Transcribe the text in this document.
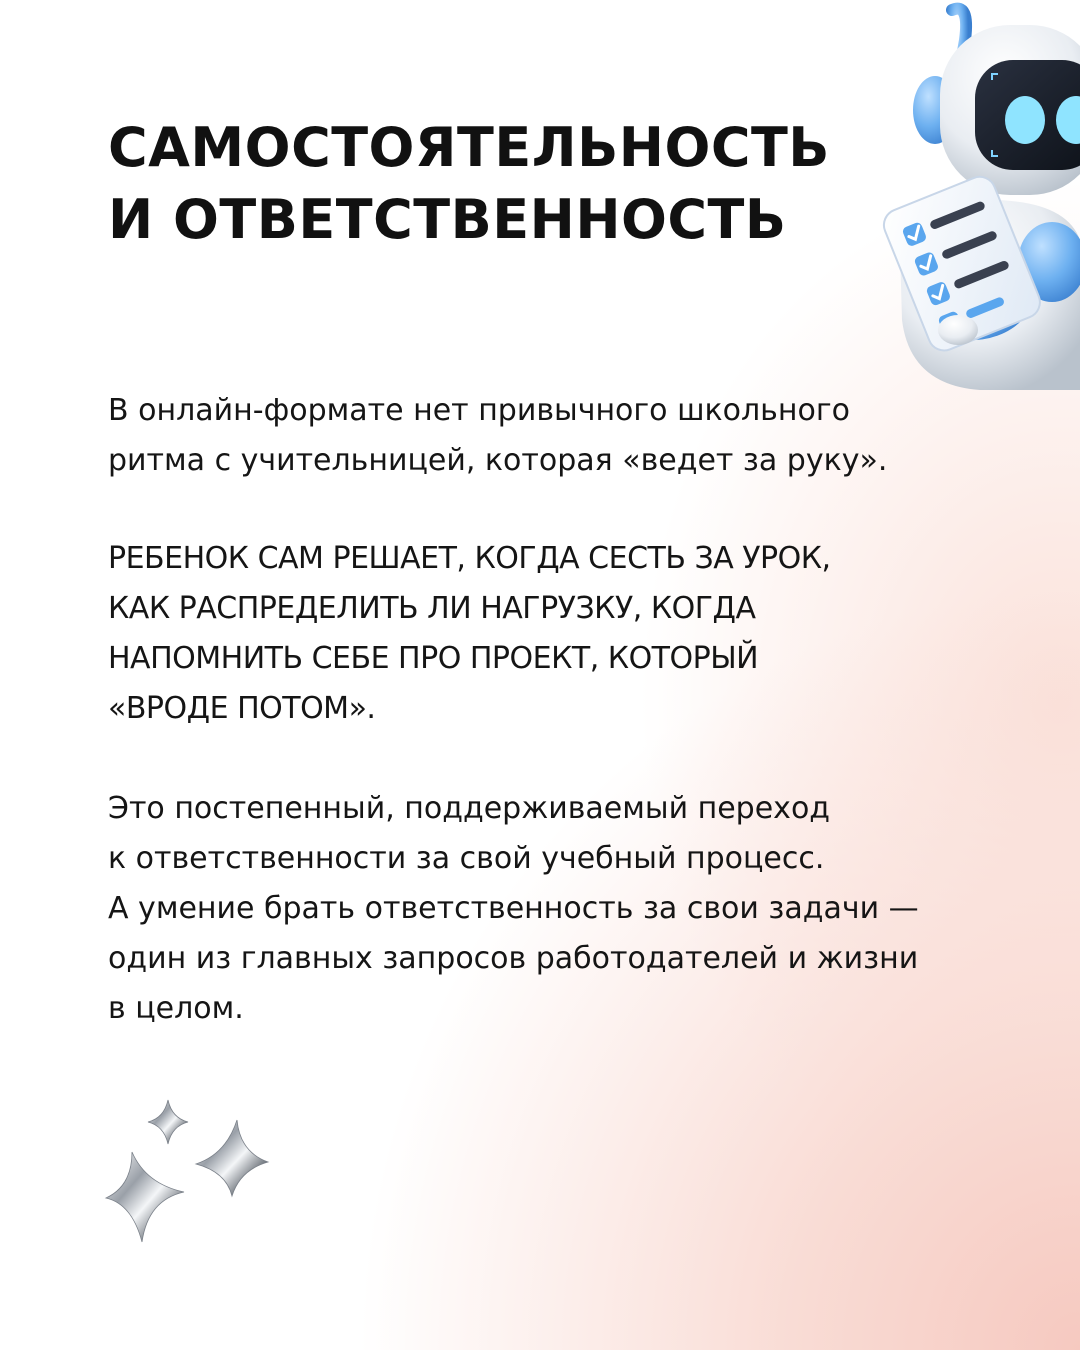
САМОСТОЯТЕЛЬНОСТЬ
И ОТВЕТСТВЕННОСТЬ

В онлайн-формате нет привычного школьного
ритма с учительницей, которая «ведет за руку».

РЕБЕНОК САМ РЕШАЕТ, КОГДА СЕСТЬ ЗА УРОК,
КАК РАСПРЕДЕЛИТЬ ЛИ НАГРУЗКУ, КОГДА
НАПОМНИТЬ СЕБЕ ПРО ПРОЕКТ, КОТОРЫЙ
«ВРОДЕ ПОТОМ».

Это постепенный, поддерживаемый переход
к ответственности за свой учебный процесс.
А умение брать ответственность за свои задачи —
один из главных запросов работодателей и жизни
в целом.
